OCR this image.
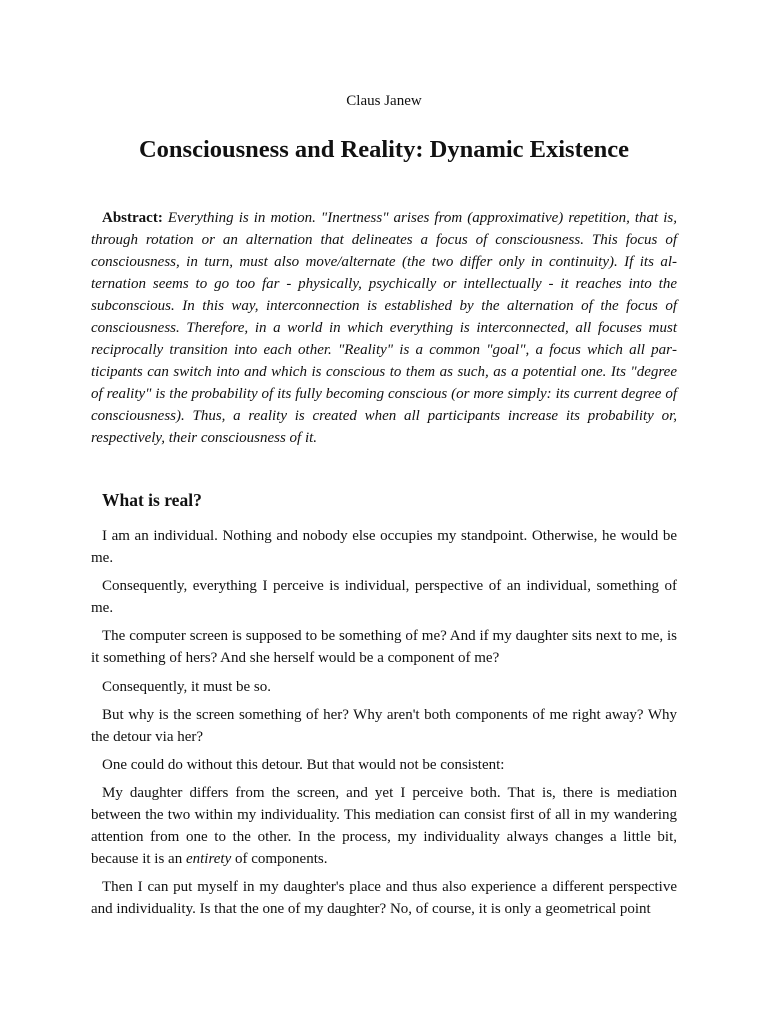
Claus Janew
Consciousness and Reality: Dynamic Existence

Abstract: Everything is in motion. "Inertness" arises from (approximative) repetition, that is, through rotation or an alternation that delineates a focus of consciousness. This focus of consciousness, in turn, must also move/alternate (the two differ only in continuity). If its alternation seems to go too far - physically, psychically or intellectually - it reaches into the subconscious. In this way, interconnection is established by the alternation of the focus of consciousness. Therefore, in a world in which everything is interconnected, all focuses must reciprocally transition into each other. "Reality" is a common "goal", a focus which all participants can switch into and which is conscious to them as such, as a potential one. Its "degree of reality" is the probability of its fully becoming conscious (or more simply: its current degree of consciousness). Thus, a reality is created when all participants increase its probability or, respectively, their consciousness of it.

What is real?

I am an individual. Nothing and nobody else occupies my standpoint. Otherwise, he would be me.

Consequently, everything I perceive is individual, perspective of an individual, something of me.

The computer screen is supposed to be something of me? And if my daughter sits next to me, is it something of hers? And she herself would be a component of me?

Consequently, it must be so.

But why is the screen something of her? Why aren't both components of me right away? Why the detour via her?

One could do without this detour. But that would not be consistent:

My daughter differs from the screen, and yet I perceive both. That is, there is mediation between the two within my individuality. This mediation can consist first of all in my wandering attention from one to the other. In the process, my individuality always changes a little bit, because it is an entirety of components.

Then I can put myself in my daughter's place and thus also experience a different perspective and individuality. Is that the one of my daughter? No, of course, it is only a geometrical point
